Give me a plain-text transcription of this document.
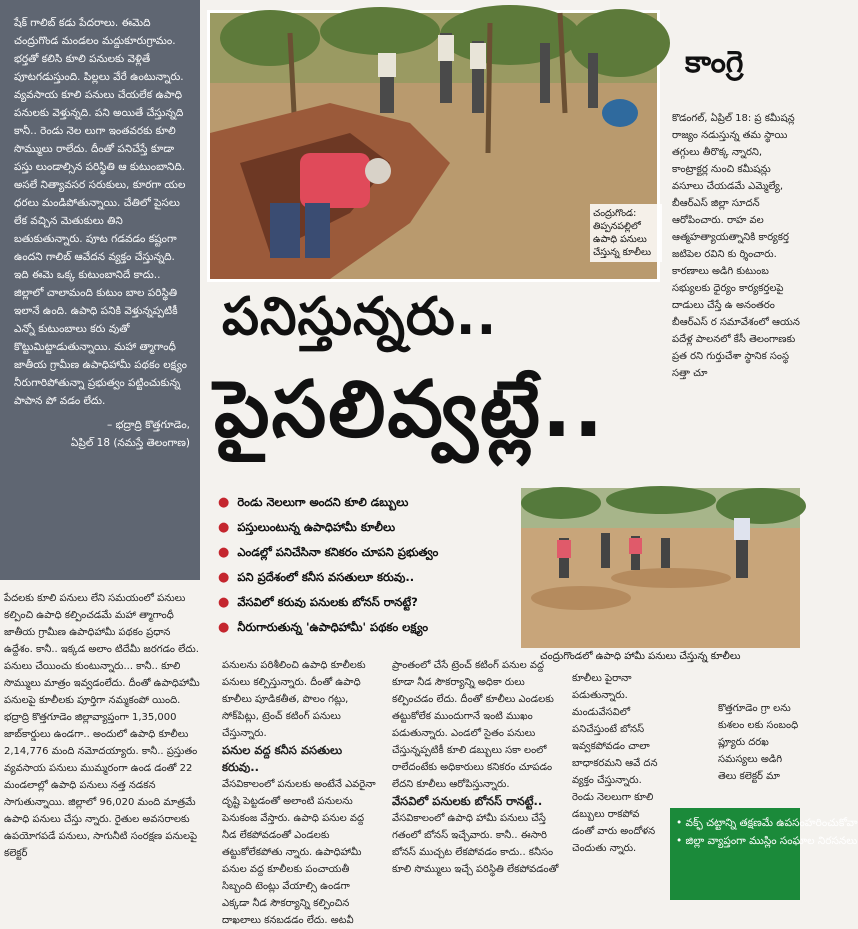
షేక్ గాలిబ్ కడు పేదరాలు. ఈమెది చంద్రుగొండ మండలం మద్దుకూరుగ్రామం. భర్తతో కలిసి కూలి పనులకు వెళ్లితే పూటగడుస్తుంది. పిల్లలు వేరే ఉంటున్నారు. వ్యవసాయ కూలి పనులు చేయలేక ఉపాధి పనులకు వెళ్తున్నది. పని అయితే చేస్తున్నది కానీ.. రెండు నెల లుగా ఇంతవరకు కూలి సొమ్ములు రాలేదు. దీంతో పనిచేస్తే కూడా పస్తు లుండాల్సిన పరిస్థితి ఆ కుటుంబానిది. అసలే నిత్యావసర సరుకులు, కూరగా యల ధరలు మండిపోతున్నాయి. చేతిలో పైసలు లేక వచ్చిన మెతుకులు తిని బతుకుతున్నారు. పూట గడవడం కష్టంగా ఉందని గాలిబ్ ఆవేదన వ్యక్తం చేస్తున్నది. ఇది ఈమె ఒక్క కుటుంబానిదే కాదు.. జిల్లాలో చాలామంది కుటుం బాల పరిస్థితి ఇలానే ఉంది. ఉపాధి పనికి వెళ్తున్నప్పటికీ ఎన్నో కుటుంబాలు కరు వుతో కొట్టుమిట్టాడుతున్నాయి. మహా త్మాగాంధీ జాతీయ గ్రామీణ ఉపాధిహామీ పథకం లక్ష్యం నీరుగారిపోతున్నా ప్రభుత్వం పట్టించుకున్న పాపాన పో వడం లేదు.

– భద్రాద్రి కొత్తగూడెం,
ఏప్రిల్ 18 (నమస్తే తెలంగాణ)
చంద్రుగొండ: తిప్పనపల్లిలో ఉపాధి పనులు చేస్తున్న కూలీలు
పనిస్తున్నరు..
పైసలివ్వట్లే..
● రెండు నెలలుగా అందని కూలి డబ్బులు
● పస్తులుంటున్న ఉపాధిహామీ కూలీలు
● ఎండల్లో పనిచేసినా కనికరం చూపని ప్రభుత్వం
● పని ప్రదేశంలో కనీస వసతులూ కరువు..
● వేసవిలో కరువు పనులకు బోనస్ రానట్టే?
● నీరుగారుతున్న 'ఉపాధిహామీ' పథకం లక్ష్యం
చంద్రుగొండలో ఉపాధి హామీ పనులు చేస్తున్న కూలీలు
కాంగ్రె
కొడంగల్, ఏప్రిల్ 18: ప్ర కమీషన్ల రాజ్యం నడుస్తున్న తమ స్థాయి తగ్గులు తీరొక్క న్నారని, కాంట్రాక్టర్ల నుంచి కమీషన్లు వసూలు చేయడమే ఎమ్మెల్యే, బీఆర్ఎస్ జిల్లా సూదన్ ఆరోపించారు. రాహ వల ఆత్మహత్యాయత్నానికి కార్యకర్త జటిపెల రవిని కు ర్శించారు. కారణాలు అడిగి కుటుంబ సభ్యులకు ధైర్యం కార్యకర్తలపై దాడులు చేస్తే ఉ అనంతరం బీఆర్ఎస్ ర సమావేశంలో ఆయన పదేళ్ల పాలనలో కేసీ తెలంగాణకు ప్రత రని గుర్తుచేశా స్థానిక సంస్థ సత్తా చూ

పేదలకు కూలి పనులు లేని సమయంలో పనులు కల్పించి ఉపాధి కల్పించడమే మహా త్మాగాంధీ జాతీయ గ్రామీణ ఉపాధిహామీ పథకం ప్రధాన ఉద్దేశం. కానీ.. ఇక్కడ అలాం టిదేమీ జరగడం లేదు. పనులు చేయించు కుంటున్నారు... కానీ.. కూలి సొమ్ములు మాత్రం ఇవ్వడంలేదు. దీంతో ఉపాధిహామీ పనులపై కూలీలకు పూర్తిగా నమ్మకంపో యింది. భద్రాద్రి కొత్తగూడెం జిల్లావ్యాప్తంగా 1,35,000 జాబ్‌కార్డులు ఉండగా.. అందులో ఉపాధి కూలీలు 2,14,776 మంది నమోదయ్యారు. కానీ.. ప్రస్తుతం వ్యవసాయ పనులు ముమ్మరంగా ఉండ డంతో 22 మండలాల్లో ఉపాధి పనులు నత్త నడకన సాగుతున్నాయి. జిల్లాలో 96,020 మంది మాత్రమే ఉపాధి పనులు చేస్తు న్నారు. రైతుల అవసరాలకు ఉపయోగపడే పనులు, సాగునీటి సంరక్షణ పనులపై కలెక్టర్

పనులను పరిశీలించి ఉపాధి కూలీలకు పనులు కల్పిస్తున్నారు. దీంతో ఉపాధి కూలీలు పూడికతీత, పొలం గట్లు, సోక్‌పిట్లు, ట్రెంచ్ కటింగ్ పనులు చేస్తున్నారు.

పనుల వద్ద కనీస వసతులు కరువు..

వేసవికాలంలో పనులకు అంటేనే ఎవరైనా

దృష్టి పెట్టడంతో అలాంటి పనులను పెనుకంజ వేస్తారు. ఉపాధి పనుల వద్ద నీడ లేకపోవడంతో ఎండలకు తట్టుకోలేకపోతు న్నారు. ఉపాధిహామీ పనుల వద్ద కూలీలకు పంచాయతీ సిబ్బంది టెంట్లు వేయాల్సి ఉండగా ఎక్కడా నీడ సౌకర్యాన్ని కల్పించిన దాఖలాలు కనబడడం లేదు. అటవీ

ప్రాంతంలో చేసే ట్రెంచ్ కటింగ్ పనుల వద్ద కూడా నీడ సౌకర్యాన్ని అధికా రులు కల్పించడం లేదు. దీంతో కూలీలు ఎండలకు తట్టుకోలేక ముందుగానే ఇంటి ముఖం పడుతున్నారు. ఎండలో సైతం పనులు చేస్తున్నప్పటికీ కూలి డబ్బులు సకా లంలో రాలేదంటేకు అధికారులు కనికరం చూపడం లేదని కూలీలు ఆరోపిస్తున్నారు.

వేసవిలో పనులకు బోనస్ రానట్టే..

వేసవికాలంలో ఉపాధి హామీ పనులు చేస్తే గతంలో బోనస్ ఇచ్చేవారు. కానీ.. ఈసారి బోనస్ ముచ్చట లేకపోవడం కాదు.. కనీసం కూలి సొమ్ములు ఇచ్చే పరిస్థితి లేకపోవడంతో

కూలీలు పైరానా పడుతున్నారు. మండువేసవిలో పనిచేస్తుంటే బోనస్ ఇవ్వకపోవడం చాలా బాధాకరమని ఆవే దన వ్యక్తం చేస్తున్నారు. రెండు నెలలుగా కూలి డబ్బులు రాకపోవ డంతో వారు అందోళన చెందుతు న్నారు.

కొత్తగూడెం గ్రా లను కుశలం లకు సంబంధి ప్ల్యూరు దరఖ సమస్యలు అడిగి తెలు కలెక్టర్ మా

• వక్ఫ్ చట్టాన్ని తక్షణమే ఉపసంహరించుకోవా
• జిల్లా వ్యాప్తంగా ముస్లిం సంఘాల నిరసనలు
